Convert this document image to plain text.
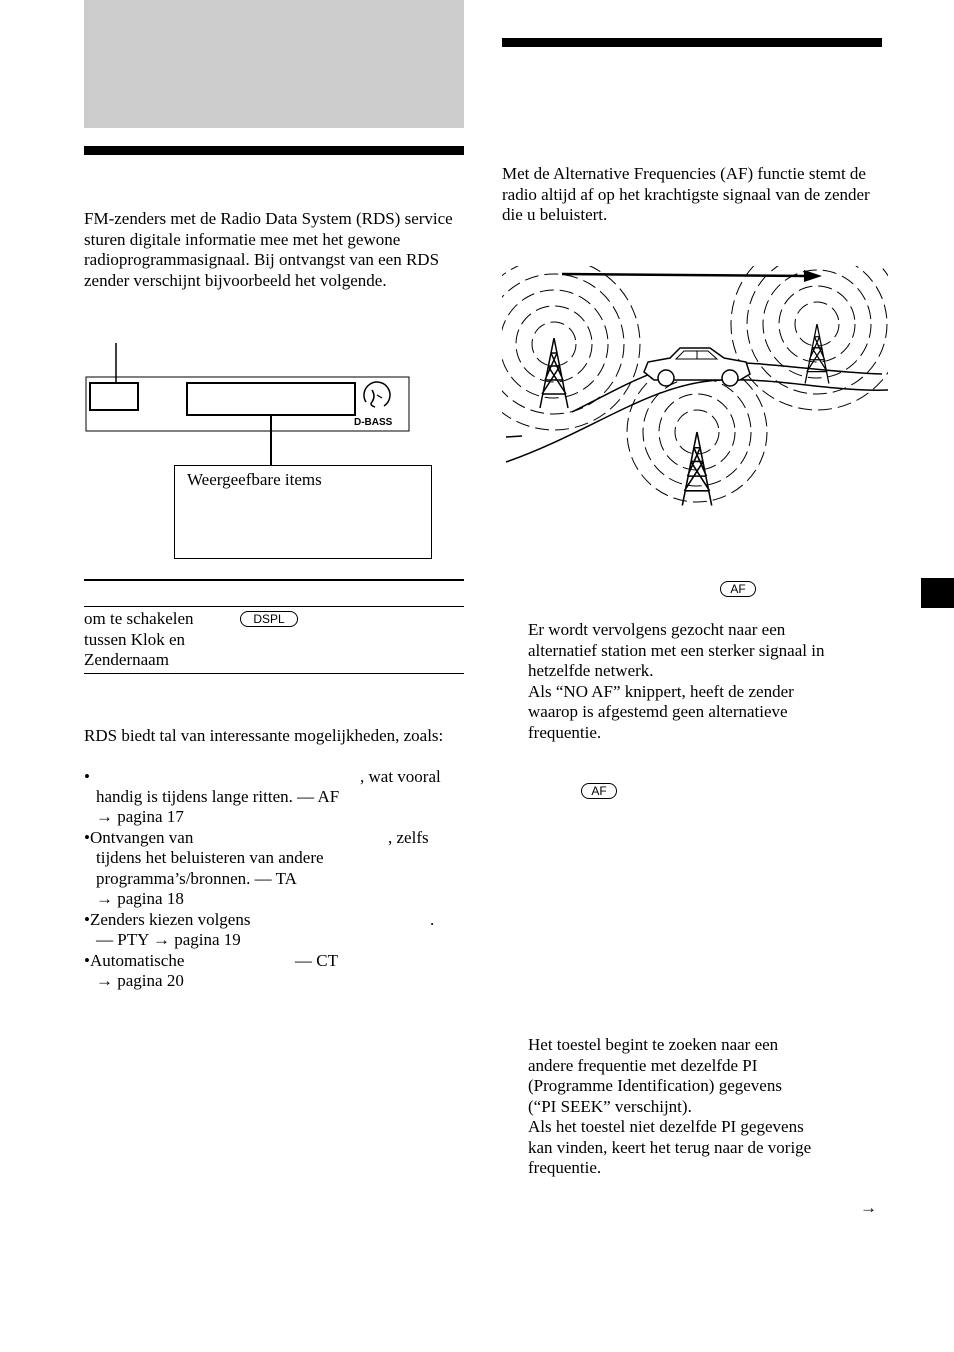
FM-zenders met de Radio Data System (RDS) service sturen digitale informatie mee met het gewone radioprogrammasignaal. Bij ontvangst van een RDS zender verschijnt bijvoorbeeld het volgende.
D-BASS
Weergeefbare items
om te schakelen tussen Klok en Zendernaam
DSPL
RDS biedt tal van interessante mogelijkheden, zoals:
•	, wat vooral
handig is tijdens lange ritten. — AF
→ pagina 17
•Ontvangen van	, zelfs
tijdens het beluisteren van andere
programma’s/bronnen. — TA
→ pagina 18
•Zenders kiezen volgens	.
— PTY → pagina 19
•Automatische	— CT
→ pagina 20
Met de Alternative Frequencies (AF) functie stemt de radio altijd af op het krachtigste signaal van de zender die u beluistert.
AF
Er wordt vervolgens gezocht naar een
alternatief station met een sterker signaal in
hetzelfde netwerk.
Als “NO AF” knippert, heeft de zender
waarop is afgestemd geen alternatieve
frequentie.
AF
Het toestel begint te zoeken naar een
andere frequentie met dezelfde PI
(Programme Identification) gegevens
(“PI SEEK” verschijnt).
Als het toestel niet dezelfde PI gegevens
kan vinden, keert het terug naar de vorige
frequentie.
→
